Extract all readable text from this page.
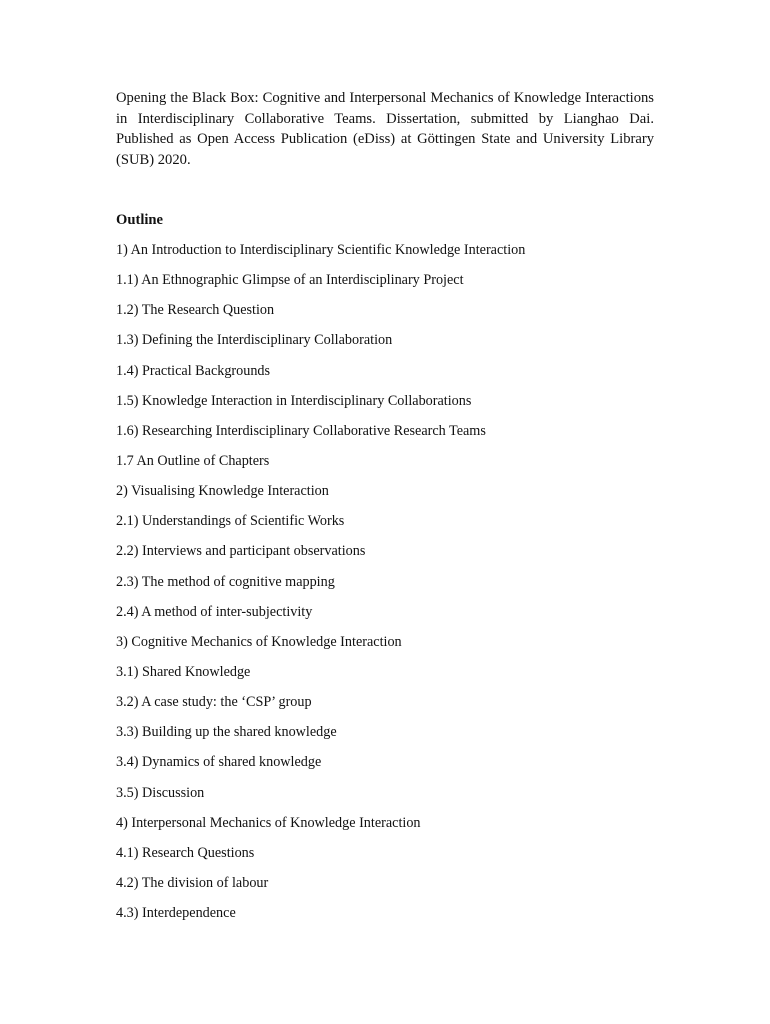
Opening the Black Box: Cognitive and Interpersonal Mechanics of Knowledge Interactions in Interdisciplinary Collaborative Teams. Dissertation, submitted by Lianghao Dai. Published as Open Access Publication (eDiss) at Göttingen State and University Library (SUB) 2020.

Outline
1) An Introduction to Interdisciplinary Scientific Knowledge Interaction
1.1) An Ethnographic Glimpse of an Interdisciplinary Project
1.2) The Research Question
1.3) Defining the Interdisciplinary Collaboration
1.4) Practical Backgrounds
1.5) Knowledge Interaction in Interdisciplinary Collaborations
1.6) Researching Interdisciplinary Collaborative Research Teams
1.7 An Outline of Chapters
2) Visualising Knowledge Interaction
2.1) Understandings of Scientific Works
2.2) Interviews and participant observations
2.3) The method of cognitive mapping
2.4) A method of inter-subjectivity
3) Cognitive Mechanics of Knowledge Interaction
3.1) Shared Knowledge
3.2) A case study: the ‘CSP’ group
3.3) Building up the shared knowledge
3.4) Dynamics of shared knowledge
3.5) Discussion
4) Interpersonal Mechanics of Knowledge Interaction
4.1) Research Questions
4.2) The division of labour
4.3) Interdependence
